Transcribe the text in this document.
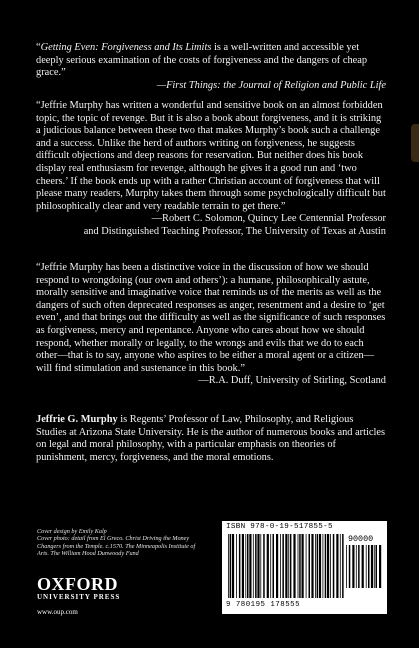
“Getting Even: Forgiveness and Its Limits is a well-written and accessible yet deeply serious examination of the costs of forgiveness and the dangers of cheap grace.”
—First Things: the Journal of Religion and Public Life
“Jeffrie Murphy has written a wonderful and sensitive book on an almost forbidden topic, the topic of revenge. But it is also a book about forgiveness, and it is striking a judicious balance between these two that makes Murphy’s book such a challenge and a success. Unlike the herd of authors writing on forgiveness, he suggests difficult objections and deep reasons for reservation. But neither does his book display real enthusiasm for revenge, although he gives it a good run and ‘two cheers.’ If the book ends up with a rather Christian account of forgiveness that will please many readers, Murphy takes them through some psychologically difficult but philosophically clear and very readable terrain to get there.”
—Robert C. Solomon, Quincy Lee Centennial Professor
and Distinguished Teaching Professor, The University of Texas at Austin
“Jeffrie Murphy has been a distinctive voice in the discussion of how we should respond to wrongdoing (our own and others’): a humane, philosophically astute, morally sensitive and imaginative voice that reminds us of the merits as well as the dangers of such often deprecated responses as anger, resentment and a desire to ‘get even’, and that brings out the difficulty as well as the significance of such responses as forgiveness, mercy and repentance. Anyone who cares about how we should respond, whether morally or legally, to the wrongs and evils that we do to each other—that is to say, anyone who aspires to be either a moral agent or a citizen—will find stimulation and sustenance in this book.”
—R.A. Duff, University of Stirling, Scotland
Jeffrie G. Murphy is Regents’ Professor of Law, Philosophy, and Religious Studies at Arizona State University. He is the author of numerous books and articles on legal and moral philosophy, with a particular emphasis on theories of punishment, mercy, forgiveness, and the moral emotions.
Cover design by Emily Kalp
Cover photo: detail from El Greco. Christ Driving the Money Changers from the Temple. c.1570. The Minneapolis Institute of Arts. The William Hood Dunwoody Fund
OXFORD
UNIVERSITY PRESS
www.oup.com
ISBN 978-0-19-517855-5
90000
9 780195 178555
